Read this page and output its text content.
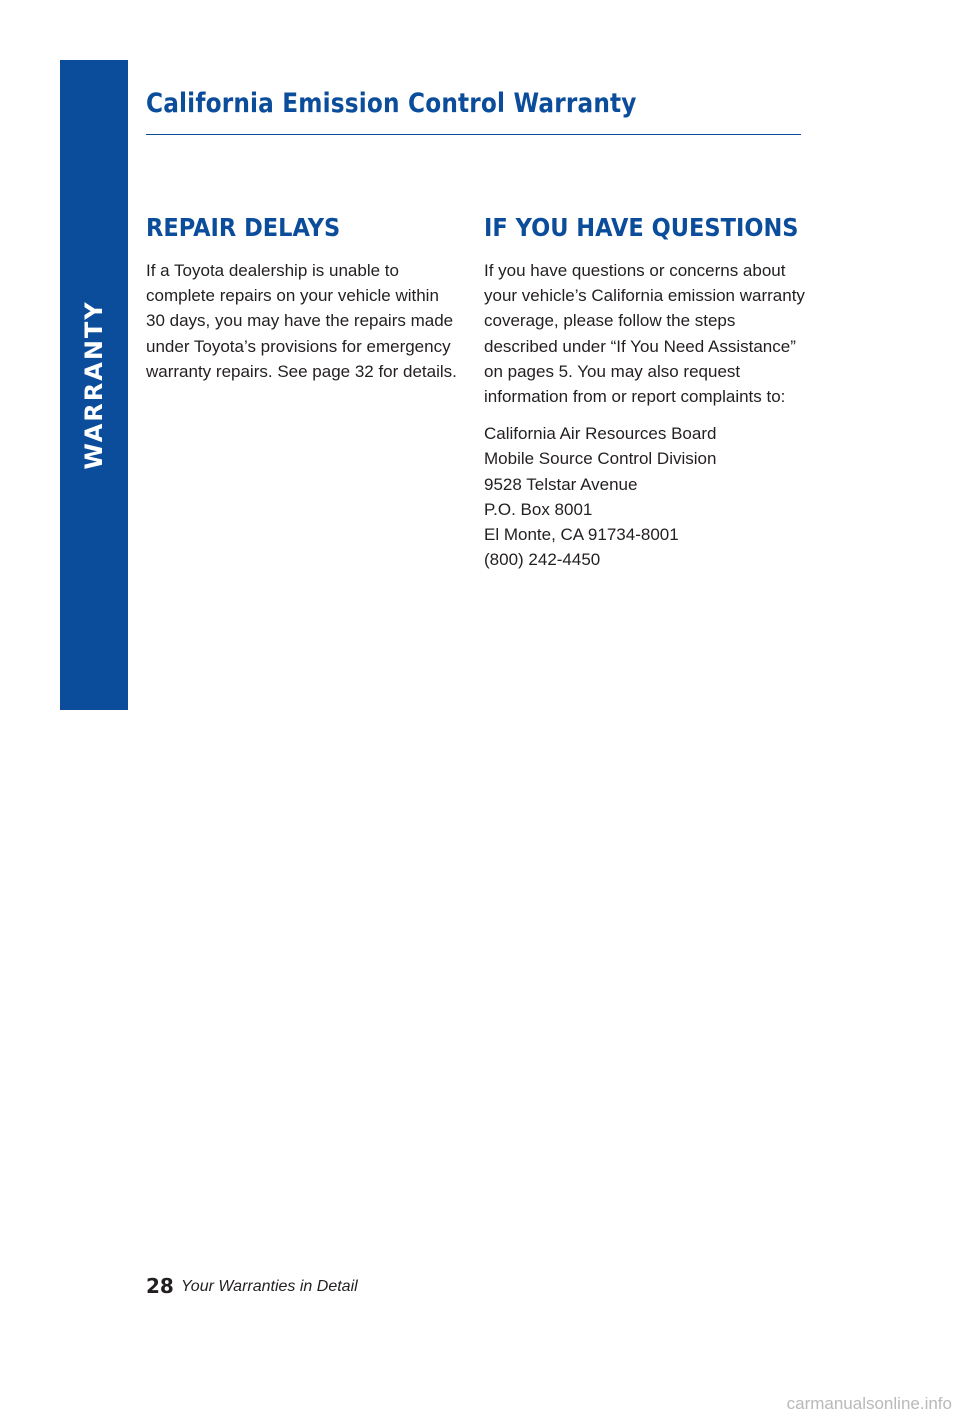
WARRANTY
California Emission Control Warranty
REPAIR DELAYS

If a Toyota dealership is unable to
complete repairs on your vehicle within
30 days, you may have the repairs made
under Toyota’s provisions for emergency
warranty repairs. See page 32 for details.

IF YOU HAVE QUESTIONS

If you have questions or concerns about
your vehicle’s California emission warranty
coverage, please follow the steps
described under “If You Need Assistance”
on pages 5. You may also request
information from or report complaints to:

California Air Resources Board
Mobile Source Control Division
9528 Telstar Avenue
P.O. Box 8001
El Monte, CA 91734-8001
(800) 242-4450

28 Your Warranties in Detail
carmanualsonline.info
